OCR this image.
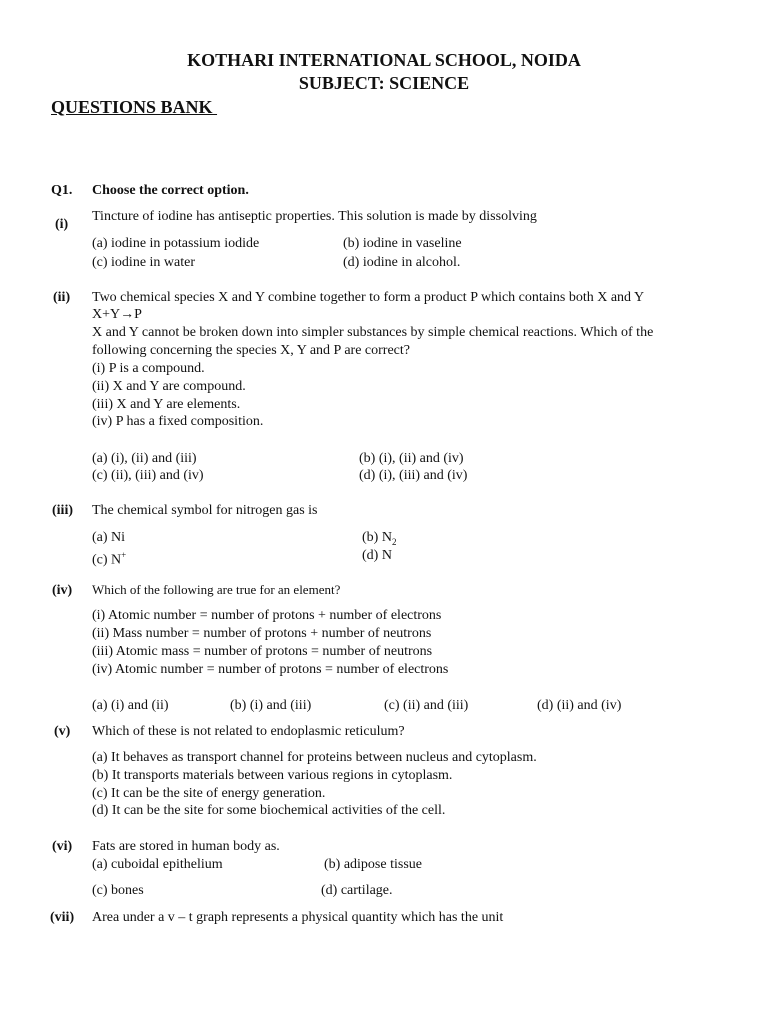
KOTHARI INTERNATIONAL SCHOOL, NOIDA
SUBJECT: SCIENCE
QUESTIONS BANK
Q1. Choose the correct option.
(i)
Tincture of iodine has antiseptic properties. This solution is made by dissolving
(a) iodine in potassium iodide	(b) iodine in vaseline
(c) iodine in water	(d) iodine in alcohol.
(ii) Two chemical species X and Y combine together to form a product P which contains both X and Y
X+Y→P
X and Y cannot be broken down into simpler substances by simple chemical reactions. Which of the
following concerning the species X, Y and P are correct?
(i) P is a compound.
(ii) X and Y are compound.
(iii) X and Y are elements.
(iv) P has a fixed composition.
(a) (i), (ii) and (iii)	(b) (i), (ii) and (iv)
(c) (ii), (iii) and (iv)	(d) (i), (iii) and (iv)
(iii) The chemical symbol for nitrogen gas is
(a) Ni	(b) $N_2$
(c) N+	(d) N
(iv) Which of the following are true for an element?
(i) Atomic number = number of protons + number of electrons
(ii) Mass number = number of protons + number of neutrons
(iii) Atomic mass = number of protons = number of neutrons
(iv) Atomic number = number of protons = number of electrons
(a) (i) and (ii)	(b) (i) and (iii)	(c) (ii) and (iii)	(d) (ii) and (iv)
(v) Which of these is not related to endoplasmic reticulum?
(a) It behaves as transport channel for proteins between nucleus and cytoplasm.
(b) It transports materials between various regions in cytoplasm.
(c) It can be the site of energy generation.
(d) It can be the site for some biochemical activities of the cell.
(vi) Fats are stored in human body as.
(a) cuboidal epithelium	(b) adipose tissue
(c) bones	(d) cartilage.
(vii) Area under a v – t graph represents a physical quantity which has the unit
